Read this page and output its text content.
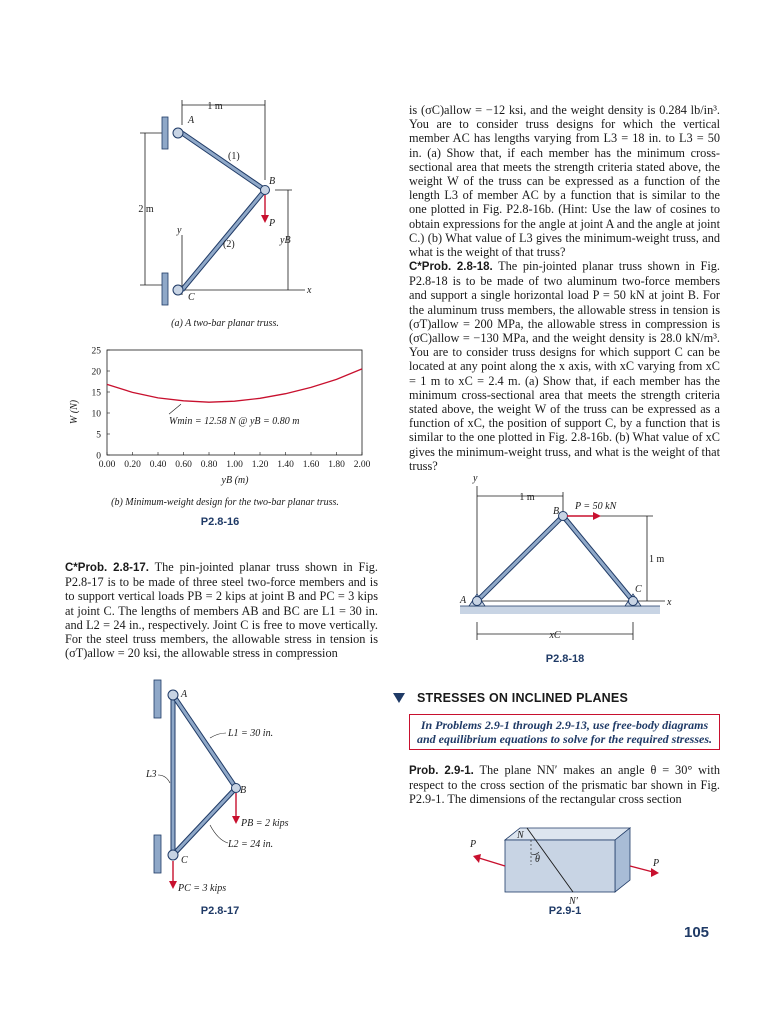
1 m
2 m
y
x
yB
P
A
B
C
(1)
(2)
(a) A two-bar planar truss.
W (N)
yB (m)
0.00 0.20 0.40 0.60 0.80 1.00 1.20 1.40 1.60 1.80 2.00
0
5
10
15
20
25
Wmin = 12.58 N @ yB = 0.80 m
(b) Minimum-weight design for the two-bar planar truss.
P2.8-16
C*Prob. 2.8-17. The pin-jointed planar truss shown in Fig. P2.8-17 is to be made of three steel two-force members and is to support vertical loads PB = 2 kips at joint B and PC = 3 kips at joint C. The lengths of members AB and BC are L1 = 30 in. and L2 = 24 in., respectively. Joint C is free to move vertically. For the steel truss members, the allowable stress in tension is (σT)allow = 20 ksi, the allowable stress in compression
A
B
C
L1 = 30 in.
L3
L2 = 24 in.
PB = 2 kips
PC = 3 kips
P2.8-17
is (σC)allow = −12 ksi, and the weight density is 0.284 lb/in³. You are to consider truss designs for which the vertical member AC has lengths varying from L3 = 18 in. to L3 = 50 in. (a) Show that, if each member has the minimum cross-sectional area that meets the strength criteria stated above, the weight W of the truss can be expressed as a function of the length L3 of member AC by a function that is similar to the one plotted in Fig. P2.8-16b. (Hint: Use the law of cosines to obtain expressions for the angle at joint A and the angle at joint C.) (b) What value of L3 gives the minimum-weight truss, and what is the weight of that truss?
C*Prob. 2.8-18. The pin-jointed planar truss shown in Fig. P2.8-18 is to be made of two aluminum two-force members and support a single horizontal load P = 50 kN at joint B. For the aluminum truss members, the allowable stress in tension is (σT)allow = 200 MPa, the allowable stress in compression is (σC)allow = −130 MPa, and the weight density is 28.0 kN/m³. You are to consider truss designs for which support C can be located at any point along the x axis, with xC varying from xC = 1 m to xC = 2.4 m. (a) Show that, if each member has the minimum cross-sectional area that meets the strength criteria stated above, the weight W of the truss can be expressed as a function of xC, the position of support C, by a function that is similar to the one plotted in Fig. 2.8-16b. (b) What value of xC gives the minimum-weight truss, and what is the weight of that truss?
y
1 m
x
1 m
P = 50 kN
B
A
C
xC
P2.8-18
STRESSES ON INCLINED PLANES
In Problems 2.9-1 through 2.9-13, use free-body diagrams and equilibrium equations to solve for the required stresses.
Prob. 2.9-1. The plane NN′ makes an angle θ = 30° with respect to the cross section of the prismatic bar shown in Fig. P2.9-1. The dimensions of the rectangular cross section
N
θ
N′
P
P
P2.9-1
105
